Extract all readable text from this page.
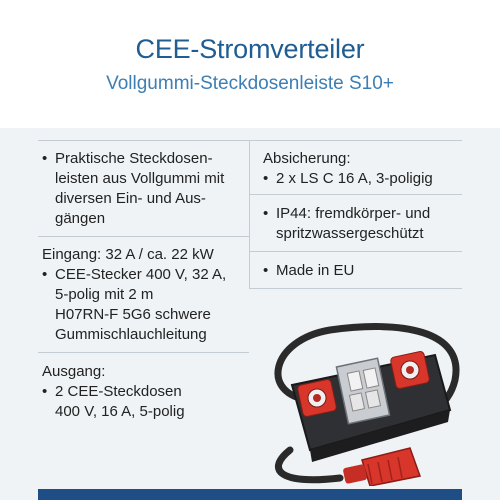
CEE-Stromverteiler
Vollgummi-Steckdosenleiste S10+
• Praktische Steckdosen-
leisten aus Vollgummi mit
diversen Ein- und Aus-
gängen
Eingang: 32 A / ca. 22 kW
• CEE-Stecker 400 V, 32 A,
5-polig mit 2 m
H07RN-F 5G6 schwere
Gummischlauchleitung
Ausgang:
• 2 CEE-Steckdosen
400 V, 16 A, 5-polig
Absicherung:
• 2 x LS C 16 A, 3-poligig
• IP44: fremdkörper- und
spritzwassergeschützt
• Made in EU
